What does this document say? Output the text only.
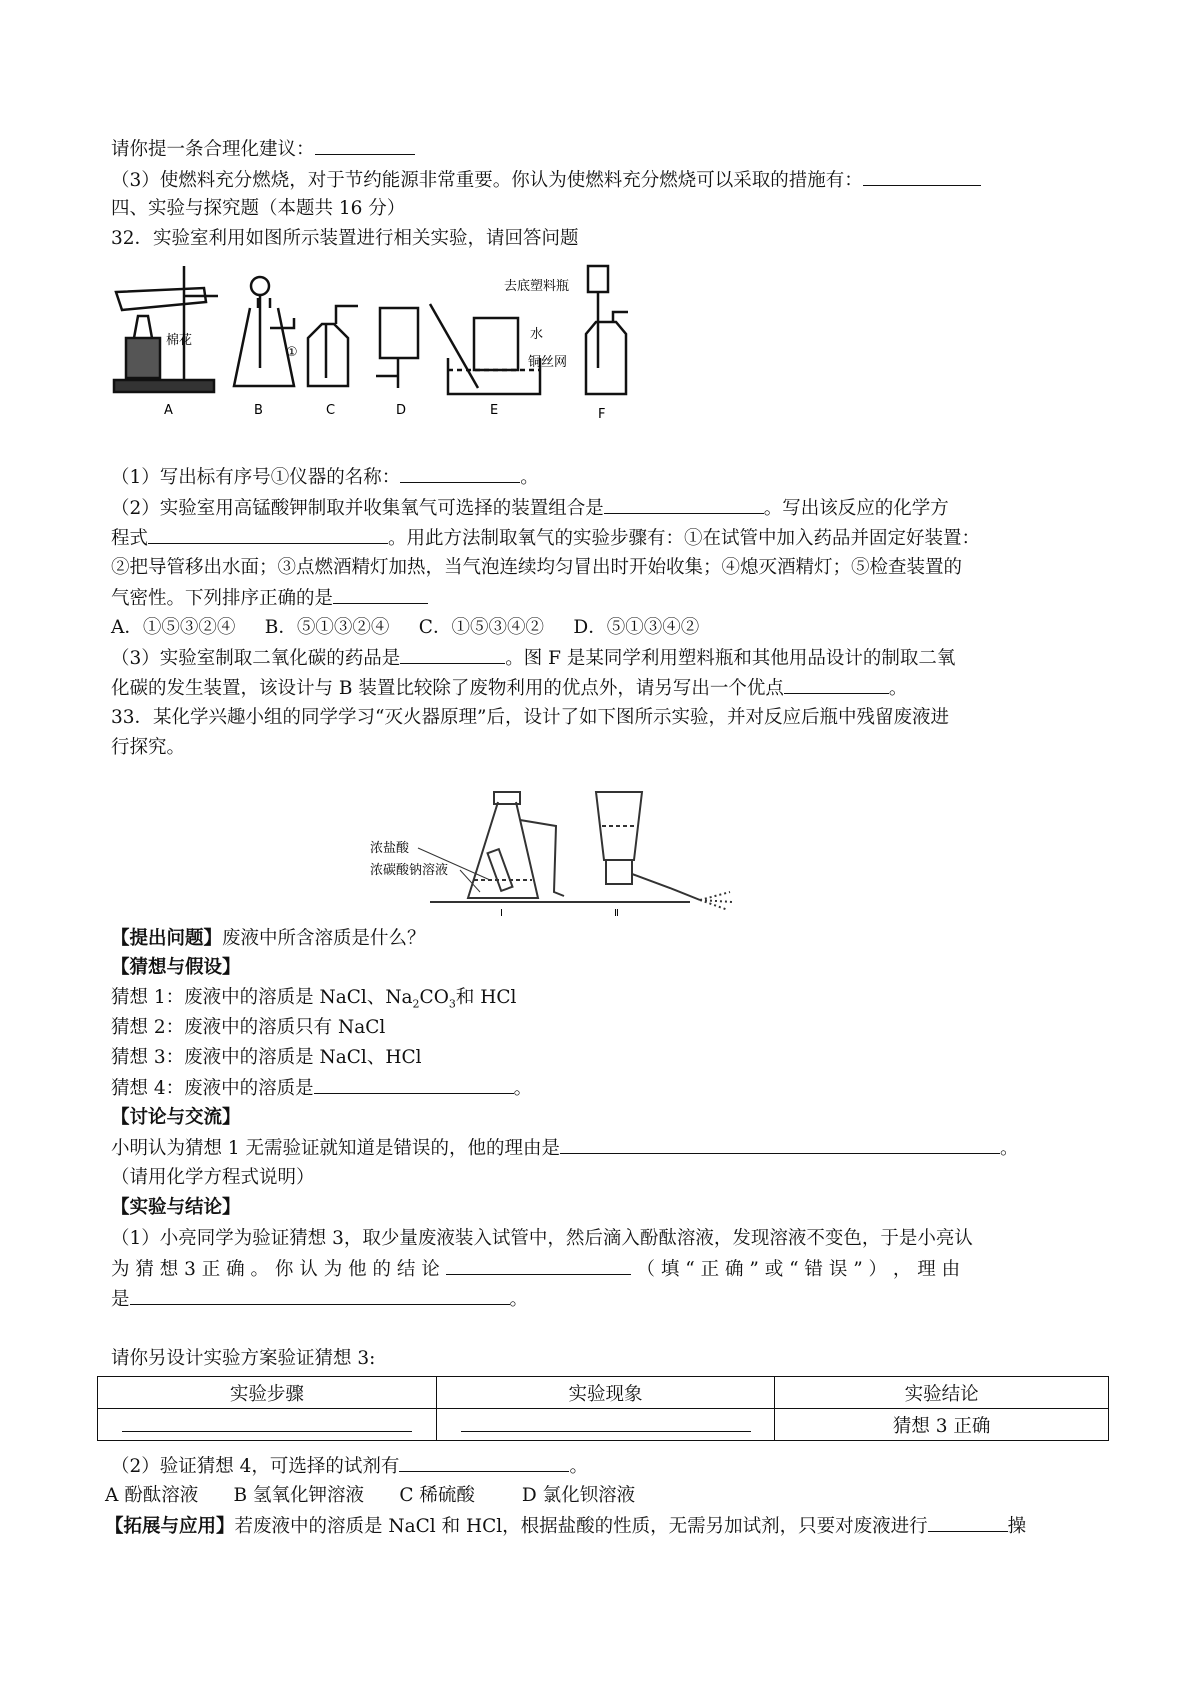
请你提一条合理化建议：
（3）使燃料充分燃烧，对于节约能源非常重要。你认为使燃料充分燃烧可以采取的措施有：
四、实验与探究题（本题共 16 分）
32．实验室利用如图所示装置进行相关实验，请回答问题
棉花
①
水
去底塑料瓶
铜丝网
A	B	C	D	E	F
（1）写出标有序号①仪器的名称：	。
（2）实验室用高锰酸钾制取并收集氧气可选择的装置组合是	。写出该反应的化学方
程式	。用此方法制取氧气的实验步骤有：①在试管中加入药品并固定好装置：
②把导管移出水面；③点燃酒精灯加热，当气泡连续均匀冒出时开始收集；④熄灭酒精灯；⑤检查装置的
气密性。下列排序正确的是
A．①⑤③②④ B．⑤①③②④ C．①⑤③④② D．⑤①③④②
（3）实验室制取二氧化碳的药品是	。图 F 是某同学利用塑料瓶和其他用品设计的制取二氧
化碳的发生装置，该设计与 B 装置比较除了废物利用的优点外，请另写出一个优点	。
33．某化学兴趣小组的同学学习“灭火器原理”后，设计了如下图所示实验，并对反应后瓶中残留废液进
行探究。
浓盐酸
浓碳酸钠溶液
Ⅰ	Ⅱ
【提出问题】废液中所含溶质是什么？
【猜想与假设】
猜想 1：废液中的溶质是 NaCl、$Na_2CO_3$和 HCl
猜想 2：废液中的溶质只有 NaCl
猜想 3：废液中的溶质是 NaCl、HCl
猜想 4：废液中的溶质是	。
【讨论与交流】
小明认为猜想 1 无需验证就知道是错误的，他的理由是	。
（请用化学方程式说明）
【实验与结论】
（1）小亮同学为验证猜想 3，取少量废液装入试管中，然后滴入酚酞溶液，发现溶液不变色，于是小亮认
为 猜 想 3 正 确 。 你 认 为 他 的 结 论	（ 填 “ 正 确 ” 或 “ 错 误 ” ） ， 理 由
是	。
请你另设计实验方案验证猜想 3:
实验步骤	实验现象	实验结论
		猜想 3 正确
（2）验证猜想 4，可选择的试剂有	。
A 酚酞溶液 B 氢氧化钾溶液 C 稀硫酸	D 氯化钡溶液
【拓展与应用】若废液中的溶质是 NaCl 和 HCl，根据盐酸的性质，无需另加试剂，只要对废液进行	操
